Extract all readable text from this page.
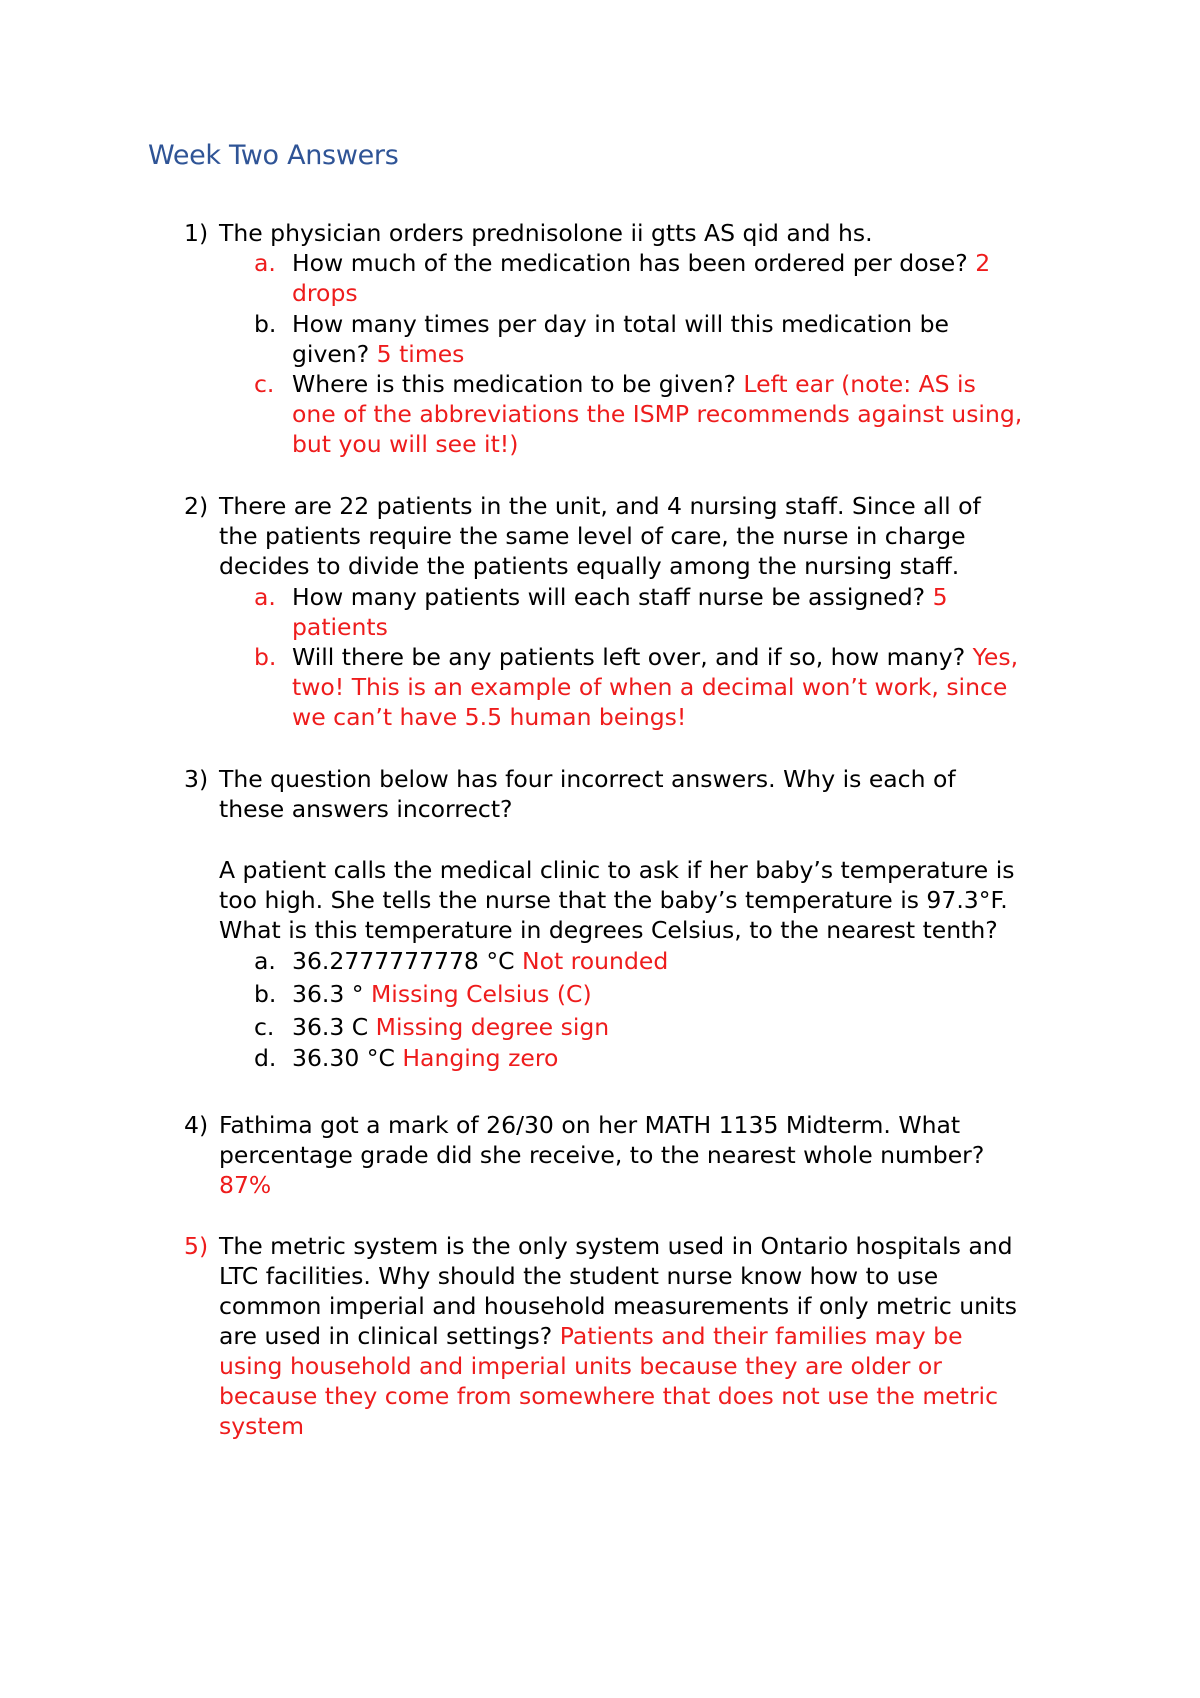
Week Two Answers
1) The physician orders prednisolone ii gtts AS qid and hs.
a. How much of the medication has been ordered per dose? 2
drops
b. How many times per day in total will this medication be
given? 5 times
c. Where is this medication to be given? Left ear (note: AS is
one of the abbreviations the ISMP recommends against using,
but you will see it!)
2) There are 22 patients in the unit, and 4 nursing staff. Since all of
the patients require the same level of care, the nurse in charge
decides to divide the patients equally among the nursing staff.
a. How many patients will each staff nurse be assigned? 5
patients
b. Will there be any patients left over, and if so, how many? Yes,
two! This is an example of when a decimal won’t work, since
we can’t have 5.5 human beings!
3) The question below has four incorrect answers. Why is each of
these answers incorrect?
A patient calls the medical clinic to ask if her baby’s temperature is
too high. She tells the nurse that the baby’s temperature is 97.3°F.
What is this temperature in degrees Celsius, to the nearest tenth?
a. 36.2777777778 °C Not rounded
b. 36.3 ° Missing Celsius (C)
c. 36.3 C Missing degree sign
d. 36.30 °C Hanging zero
4) Fathima got a mark of 26/30 on her MATH 1135 Midterm. What
percentage grade did she receive, to the nearest whole number?
87%
5) The metric system is the only system used in Ontario hospitals and
LTC facilities. Why should the student nurse know how to use
common imperial and household measurements if only metric units
are used in clinical settings? Patients and their families may be
using household and imperial units because they are older or
because they come from somewhere that does not use the metric
system
